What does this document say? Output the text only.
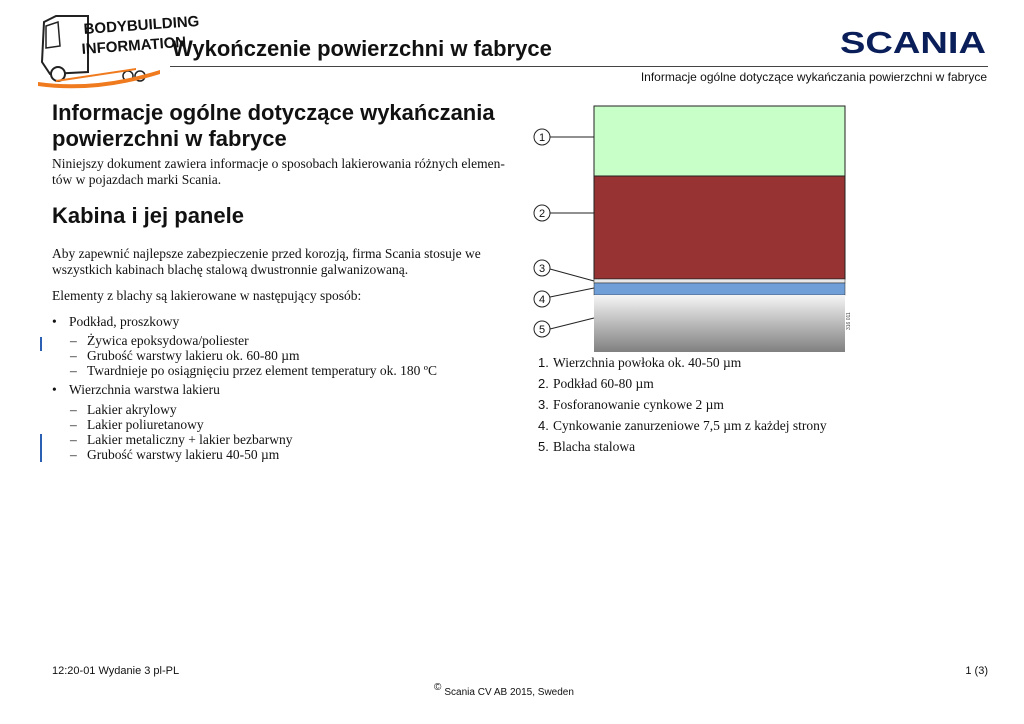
BODYBUILDING
INFORMATION
Wykończenie powierzchni w fabryce
Informacje ogólne dotyczące wykańczania powierzchni w fabryce
SCANIA
Informacje ogólne dotyczące wykańczania powierzchni w fabryce
Niniejszy dokument zawiera informacje o sposobach lakierowania różnych elemen- tów w pojazdach marki Scania.
Kabina i jej panele
Aby zapewnić najlepsze zabezpieczenie przed korozją, firma Scania stosuje we wszystkich kabinach blachę stalową dwustronnie galwanizowaną.
Elementy z blachy są lakierowane w następujący sposób:
• Podkład, proszkowy
– Żywica epoksydowa/poliester
– Grubość warstwy lakieru ok. 60-80 µm
– Twardnieje po osiągnięciu przez element temperatury ok. 180 ºC
• Wierzchnia warstwa lakieru
– Lakier akrylowy
– Lakier poliuretanowy
– Lakier metaliczny + lakier bezbarwny
– Grubość warstwy lakieru 40-50 µm
1
2
3
4
5	316 011
1. Wierzchnia powłoka ok. 40-50 µm
2. Podkład 60-80 µm
3. Fosforanowanie cynkowe 2 µm
4. Cynkowanie zanurzeniowe 7,5 µm z każdej strony
5. Blacha stalowa
12:20-01 Wydanie 3 pl-PL	1 (3)
© Scania CV AB 2015, Sweden
